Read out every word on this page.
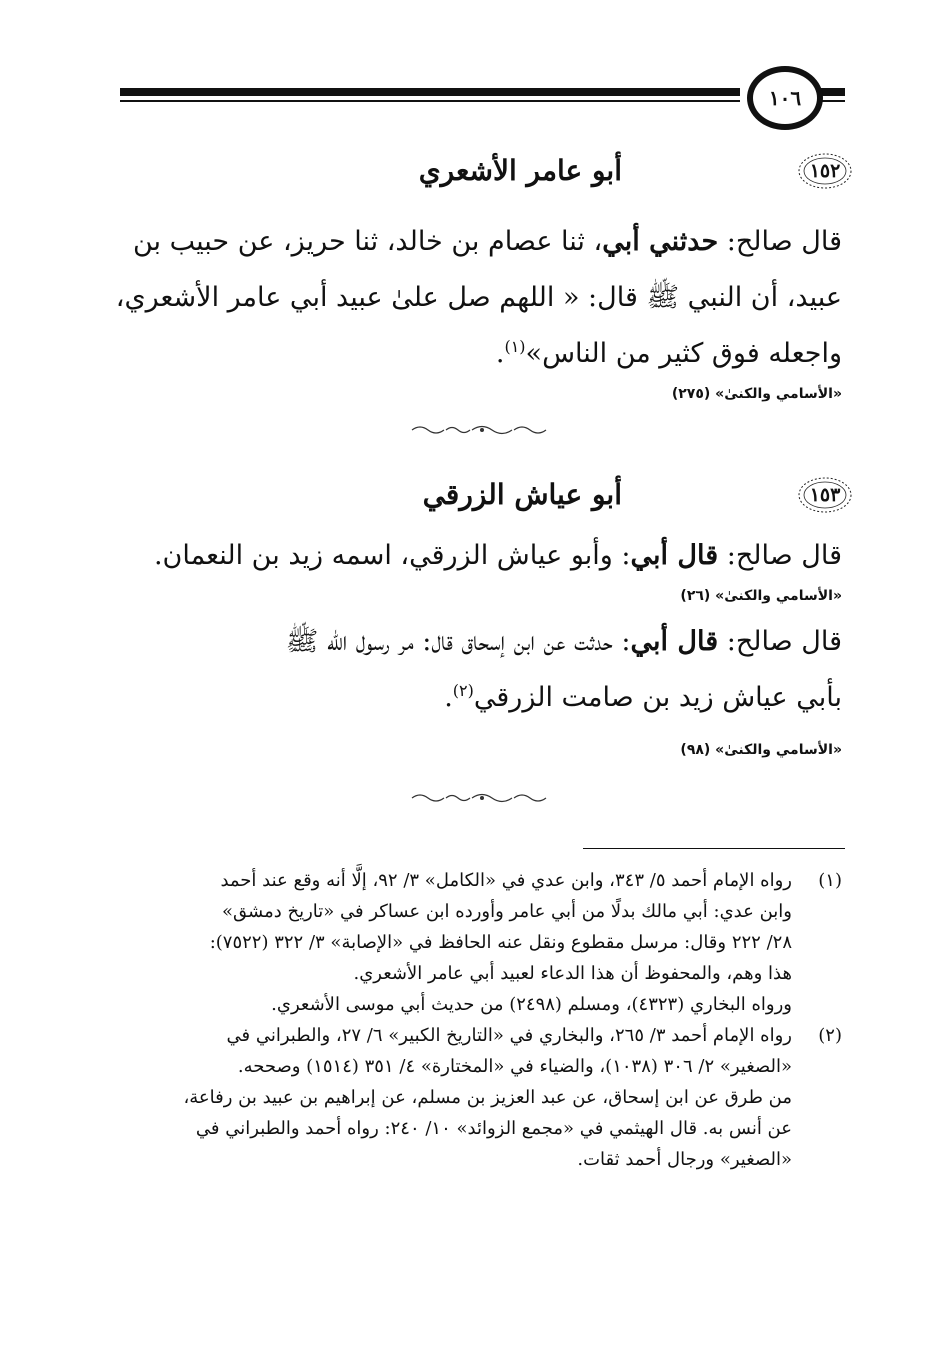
١٠٦
١٥٢
أبو عامر الأشعري

قال صالح: حدثني أبي، ثنا عصام بن خالد، ثنا حريز، عن حبيب بن
عبيد، أن النبي ﷺ قال: « اللهم صل علىٰ عبيد أبي عامر الأشعري،
واجعله فوق كثير من الناس»$^{(١)}$.

«الأسامي والكنىٰ» (٢٧٥)

١٥٣
أبو عياش الزرقي

قال صالح: قال أبي: وأبو عياش الزرقي، اسمه زيد بن النعمان.

«الأسامي والكنىٰ» (٢٦)

قال صالح: قال أبي: حدثت عن ابن إسحاق قال: مر رسول الله ﷺ
بأبي عياش زيد بن صامت الزرقي$^{(٢)}$.

«الأسامي والكنىٰ» (٩٨)

(١)
رواه الإمام أحمد ٥/ ٣٤٣، وابن عدي في «الكامل» ٣/ ٩٢، إلَّا أنه وقع عند أحمد
وابن عدي: أبي مالك بدلًا من أبي عامر وأورده ابن عساكر في «تاريخ دمشق»
٢٨/ ٢٢٢ وقال: مرسل مقطوع ونقل عنه الحافظ في «الإصابة» ٣/ ٣٢٢ (٧٥٢٢):
هذا وهم، والمحفوظ أن هذا الدعاء لعبيد أبي عامر الأشعري.
ورواه البخاري (٤٣٢٣)، ومسلم (٢٤٩٨) من حديث أبي موسى الأشعري.
(٢)
رواه الإمام أحمد ٣/ ٢٦٥، والبخاري في «التاريخ الكبير» ٦/ ٢٧، والطبراني في
«الصغير» ٢/ ٣٠٦ (١٠٣٨)، والضياء في «المختارة» ٤/ ٣٥١ (١٥١٤) وصححه.
من طرق عن ابن إسحاق، عن عبد العزيز بن مسلم، عن إبراهيم بن عبيد بن رفاعة،
عن أنس به. قال الهيثمي في «مجمع الزوائد» ١٠/ ٢٤٠: رواه أحمد والطبراني في
«الصغير» ورجال أحمد ثقات.
